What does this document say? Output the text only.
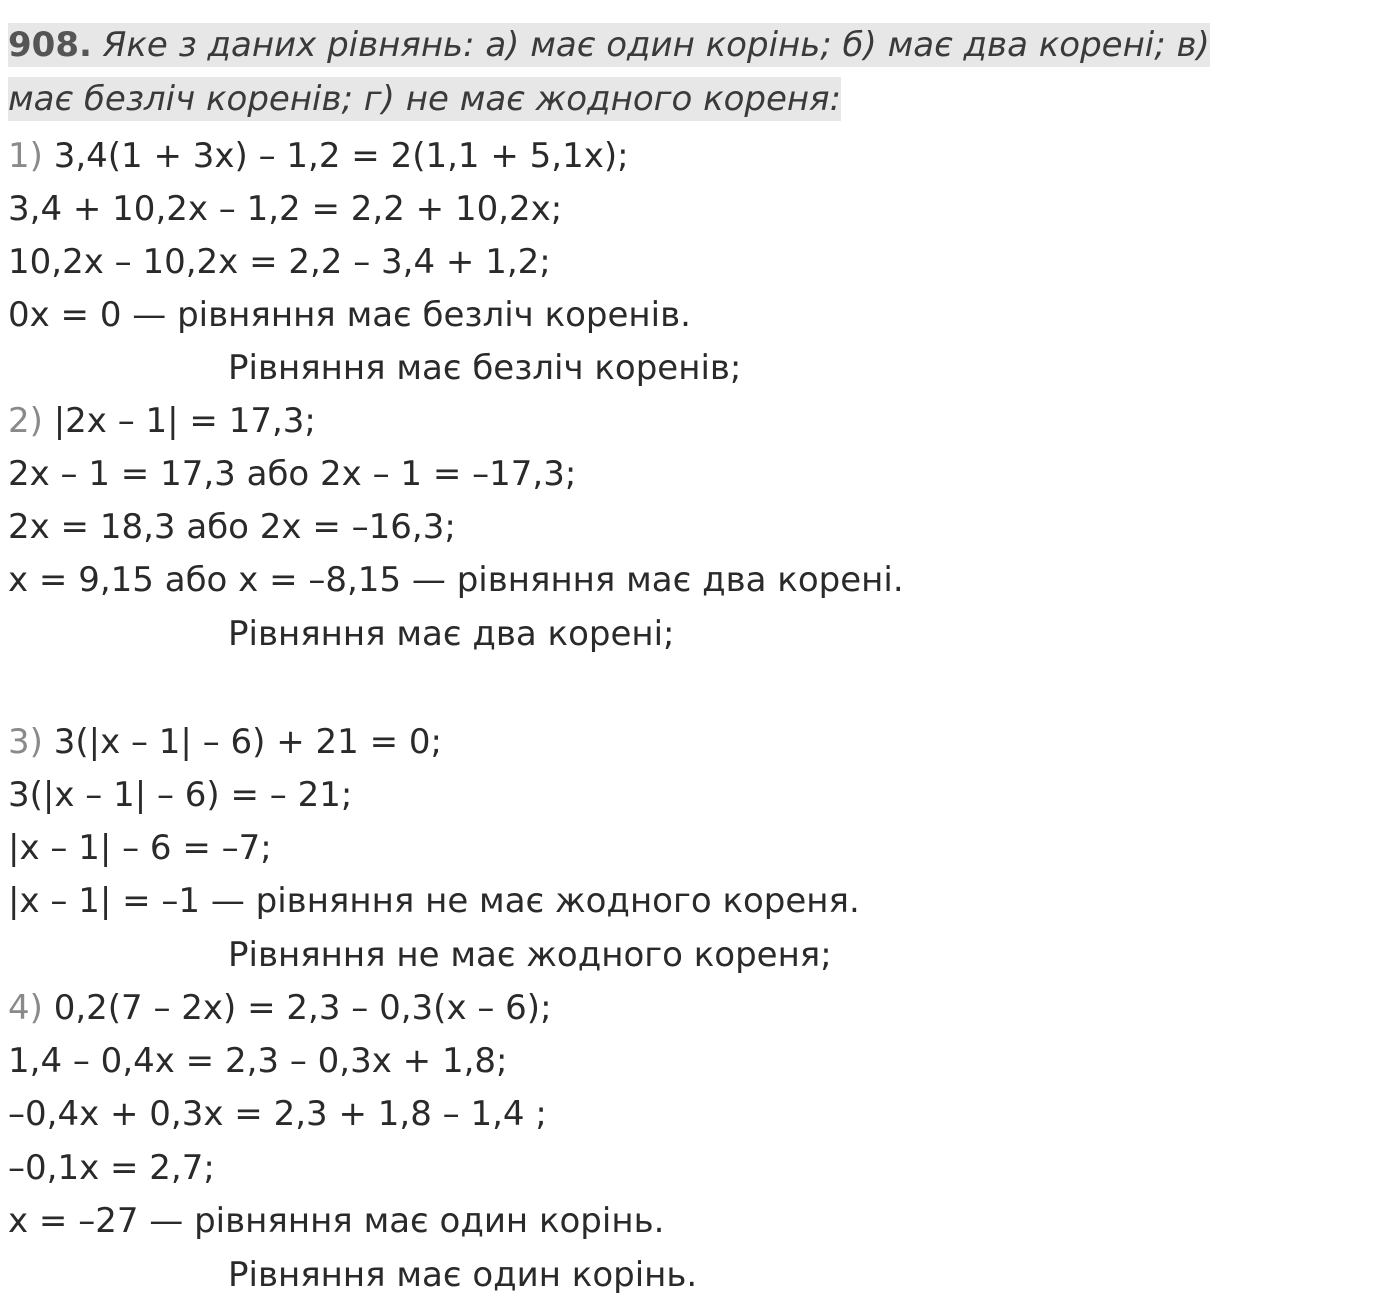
908. Яке з даних рівнянь: а) має один корінь; б) має два корені; в)
має безліч коренів; г) не має жодного кореня:
1) 3,4(1 + 3x) – 1,2 = 2(1,1 + 5,1x);
3,4 + 10,2x – 1,2 = 2,2 + 10,2x;
10,2x – 10,2x = 2,2 – 3,4 + 1,2;
0x = 0 — рівняння має безліч коренів.
Рівняння має безліч коренів;
2) |2x – 1| = 17,3;
2x – 1 = 17,3 або 2x – 1 = –17,3;
2x = 18,3 або 2x = –16,3;
x = 9,15 або x = –8,15 — рівняння має два корені.
Рівняння має два корені;
3) 3(|x – 1| – 6) + 21 = 0;
3(|x – 1| – 6) = – 21;
|x – 1| – 6 = –7;
|x – 1| = –1 — рівняння не має жодного кореня.
Рівняння не має жодного кореня;
4) 0,2(7 – 2x) = 2,3 – 0,3(x – 6);
1,4 – 0,4x = 2,3 – 0,3x + 1,8;
–0,4x + 0,3x = 2,3 + 1,8 – 1,4 ;
–0,1x = 2,7;
x = –27 — рівняння має один корінь.
Рівняння має один корінь.
